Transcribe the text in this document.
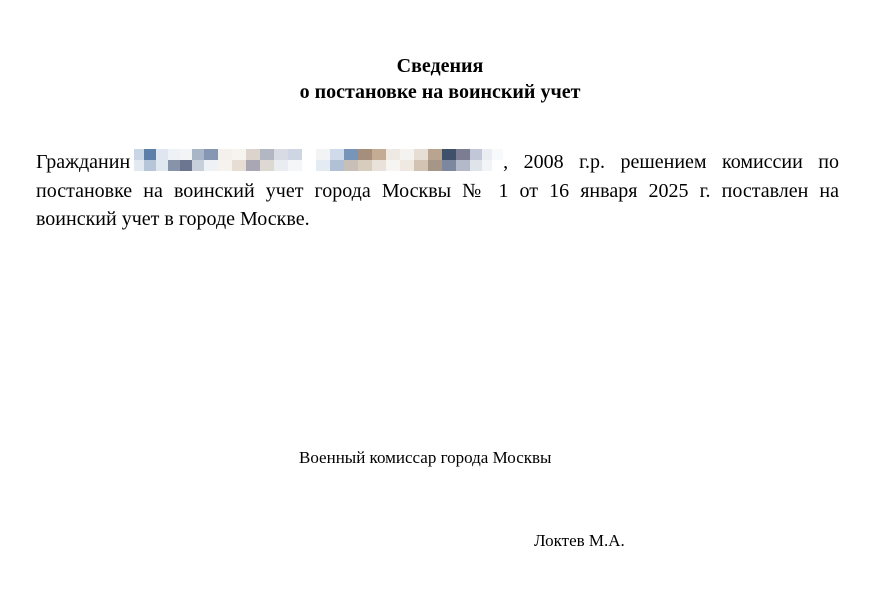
Сведения
о постановке на воинский учет
Гражданин	, 2008 г.р. решением комиссии по
постановке на воинский учет города Москвы № 1 от 16 января 2025 г. поставлен на
воинский учет в городе Москве.
Военный комиссар города Москвы
Локтев М.А.
